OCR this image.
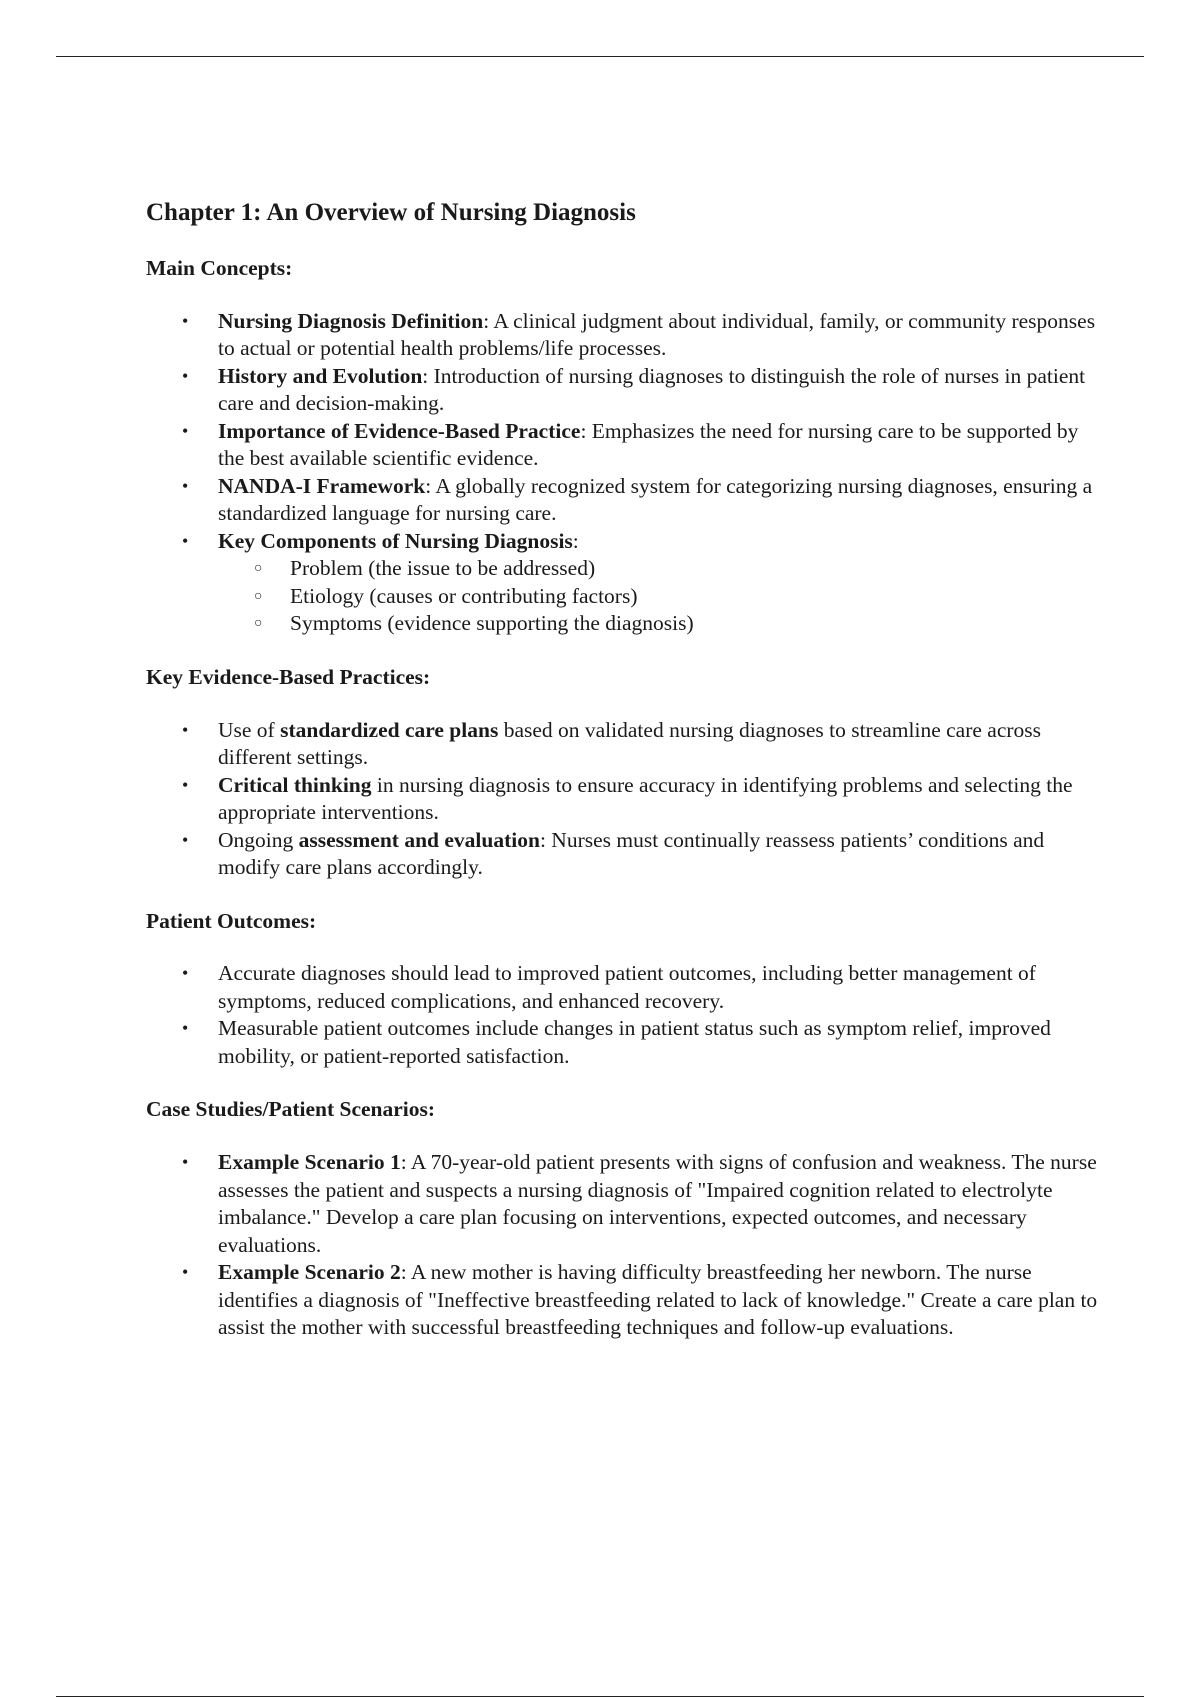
Chapter 1: An Overview of Nursing Diagnosis
Main Concepts:
• Nursing Diagnosis Definition: A clinical judgment about individual, family, or community responses to actual or potential health problems/life processes.
• History and Evolution: Introduction of nursing diagnoses to distinguish the role of nurses in patient care and decision-making.
• Importance of Evidence-Based Practice: Emphasizes the need for nursing care to be supported by the best available scientific evidence.
• NANDA-I Framework: A globally recognized system for categorizing nursing diagnoses, ensuring a standardized language for nursing care.
• Key Components of Nursing Diagnosis:
○ Problem (the issue to be addressed)
○ Etiology (causes or contributing factors)
○ Symptoms (evidence supporting the diagnosis)
Key Evidence-Based Practices:
• Use of standardized care plans based on validated nursing diagnoses to streamline care across different settings.
• Critical thinking in nursing diagnosis to ensure accuracy in identifying problems and selecting the appropriate interventions.
• Ongoing assessment and evaluation: Nurses must continually reassess patients’ conditions and modify care plans accordingly.
Patient Outcomes:
• Accurate diagnoses should lead to improved patient outcomes, including better management of symptoms, reduced complications, and enhanced recovery.
• Measurable patient outcomes include changes in patient status such as symptom relief, improved mobility, or patient-reported satisfaction.
Case Studies/Patient Scenarios:
• Example Scenario 1: A 70-year-old patient presents with signs of confusion and weakness. The nurse assesses the patient and suspects a nursing diagnosis of "Impaired cognition related to electrolyte imbalance." Develop a care plan focusing on interventions, expected outcomes, and necessary evaluations.
• Example Scenario 2: A new mother is having difficulty breastfeeding her newborn. The nurse identifies a diagnosis of "Ineffective breastfeeding related to lack of knowledge." Create a care plan to assist the mother with successful breastfeeding techniques and follow-up evaluations.
